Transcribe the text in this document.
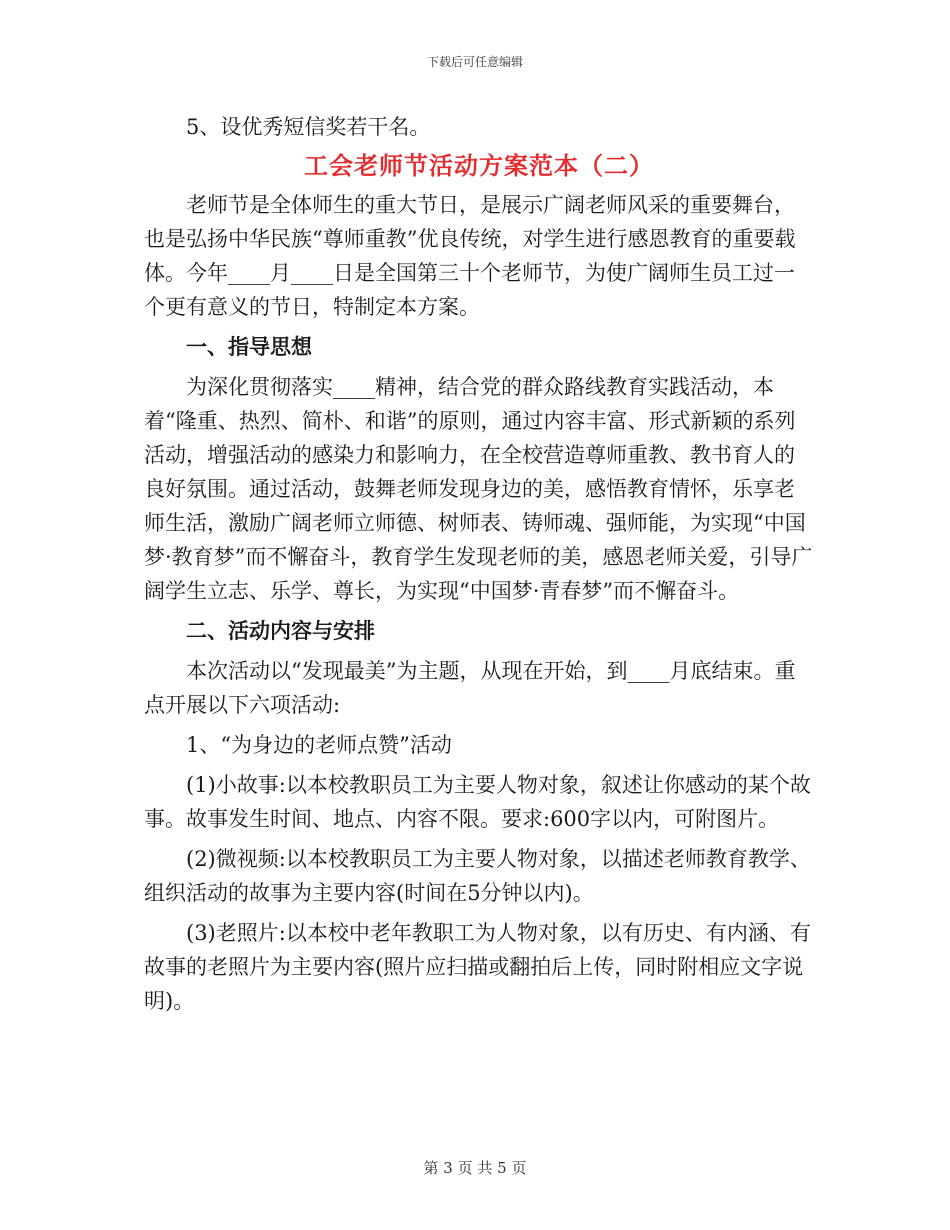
下载后可任意编辑

5、设优秀短信奖若干名。

工会老师节活动方案范本（二）

老师节是全体师生的重大节日，是展示广阔老师风采的重要舞台，也是弘扬中华民族“尊师重教”优良传统，对学生进行感恩教育的重要载体。今年____月____日是全国第三十个老师节，为使广阔师生员工过一个更有意义的节日，特制定本方案。

一、指导思想

为深化贯彻落实____精神，结合党的群众路线教育实践活动，本着“隆重、热烈、简朴、和谐”的原则，通过内容丰富、形式新颖的系列活动，增强活动的感染力和影响力，在全校营造尊师重教、教书育人的良好氛围。通过活动，鼓舞老师发现身边的美，感悟教育情怀，乐享老师生活，激励广阔老师立师德、树师表、铸师魂、强师能，为实现“中国梦·教育梦”而不懈奋斗，教育学生发现老师的美，感恩老师关爱，引导广阔学生立志、乐学、尊长，为实现“中国梦·青春梦”而不懈奋斗。

二、活动内容与安排

本次活动以“发现最美”为主题，从现在开始，到____月底结束。重点开展以下六项活动:

1、“为身边的老师点赞”活动

(1)小故事:以本校教职员工为主要人物对象，叙述让你感动的某个故事。故事发生时间、地点、内容不限。要求:600字以内，可附图片。

(2)微视频:以本校教职员工为主要人物对象，以描述老师教育教学、组织活动的故事为主要内容(时间在5分钟以内)。

(3)老照片:以本校中老年教职工为人物对象，以有历史、有内涵、有故事的老照片为主要内容(照片应扫描或翻拍后上传，同时附相应文字说明)。

第 3 页 共 5 页
